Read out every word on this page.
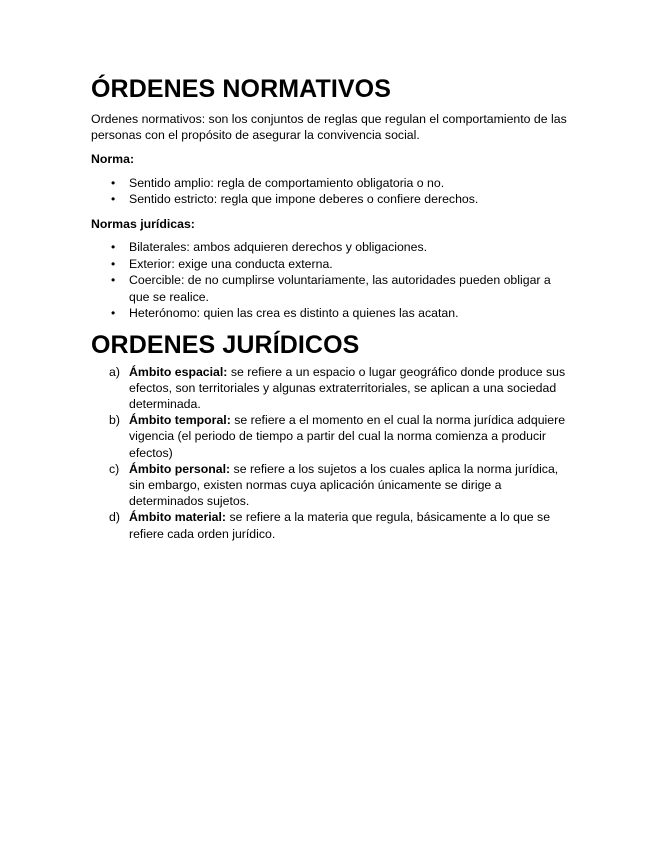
ÓRDENES NORMATIVOS

Ordenes normativos: son los conjuntos de reglas que regulan el comportamiento de las personas con el propósito de asegurar la convivencia social.

Norma:

• Sentido amplio: regla de comportamiento obligatoria o no.
• Sentido estricto: regla que impone deberes o confiere derechos.

Normas jurídicas:

• Bilaterales: ambos adquieren derechos y obligaciones.
• Exterior: exige una conducta externa.
• Coercible: de no cumplirse voluntariamente, las autoridades pueden obligar a que se realice.
• Heterónomo: quien las crea es distinto a quienes las acatan.
ORDENES JURÍDICOS
a) Ámbito espacial: se refiere a un espacio o lugar geográfico donde produce sus efectos, son territoriales y algunas extraterritoriales, se aplican a una sociedad determinada.
b) Ámbito temporal: se refiere a el momento en el cual la norma jurídica adquiere vigencia (el periodo de tiempo a partir del cual la norma comienza a producir efectos)
c) Ámbito personal: se refiere a los sujetos a los cuales aplica la norma jurídica, sin embargo, existen normas cuya aplicación únicamente se dirige a determinados sujetos.
d) Ámbito material: se refiere a la materia que regula, básicamente a lo que se refiere cada orden jurídico.
